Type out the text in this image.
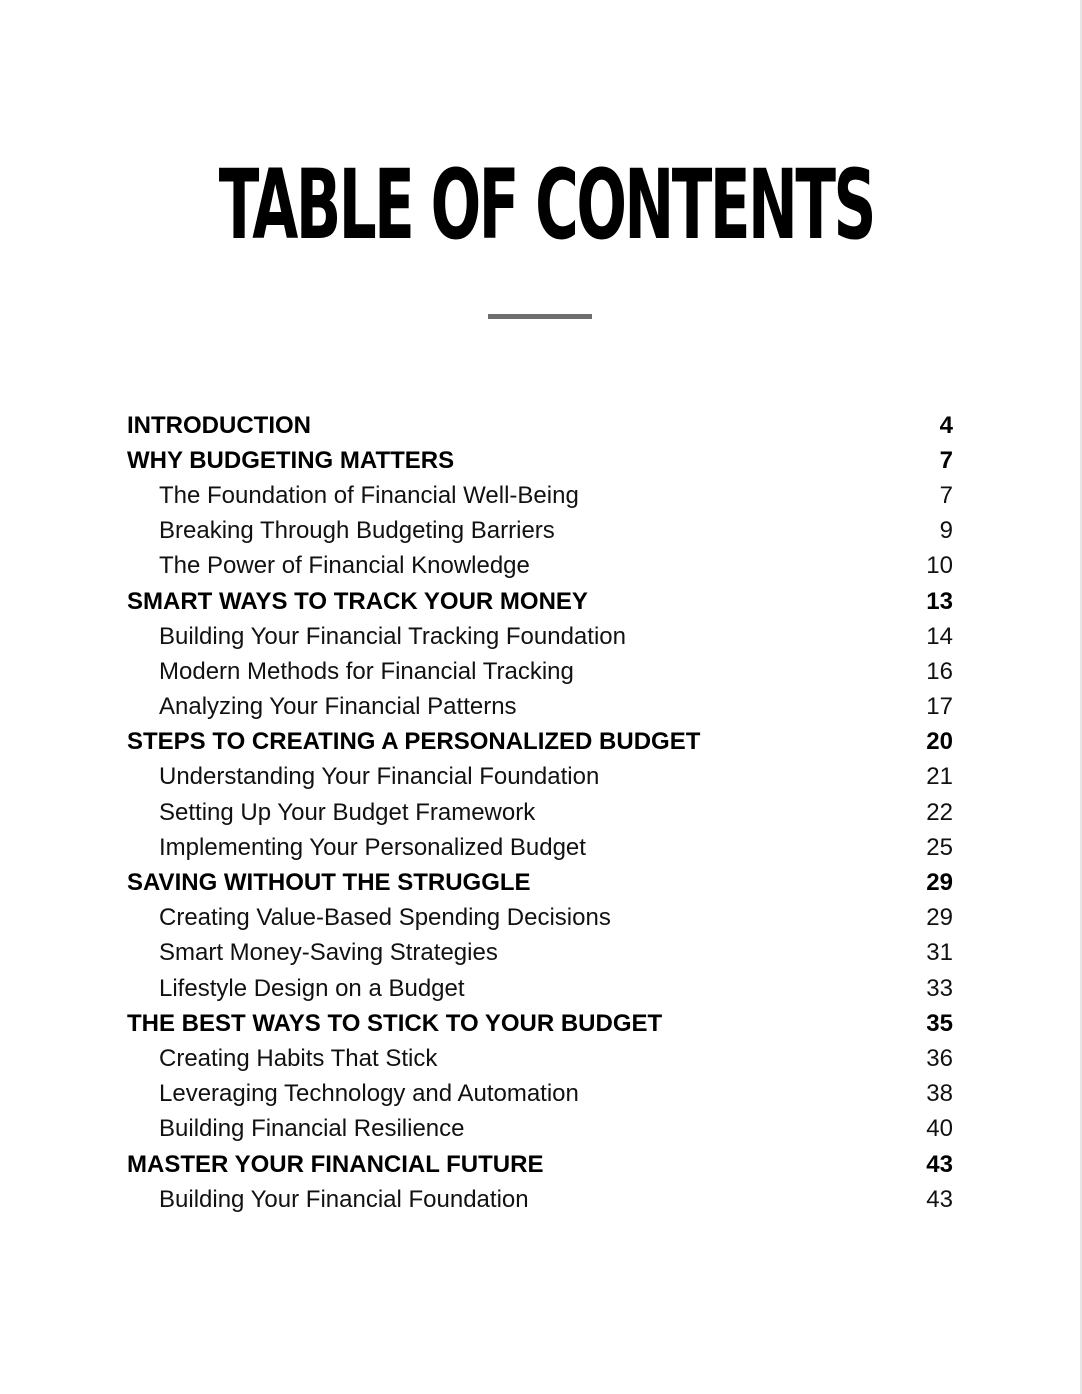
TABLE OF CONTENTS
INTRODUCTION	4
WHY BUDGETING MATTERS	7
The Foundation of Financial Well-Being	7
Breaking Through Budgeting Barriers	9
The Power of Financial Knowledge	10
SMART WAYS TO TRACK YOUR MONEY	13
Building Your Financial Tracking Foundation	14
Modern Methods for Financial Tracking	16
Analyzing Your Financial Patterns	17
STEPS TO CREATING A PERSONALIZED BUDGET	20
Understanding Your Financial Foundation	21
Setting Up Your Budget Framework	22
Implementing Your Personalized Budget	25
SAVING WITHOUT THE STRUGGLE	29
Creating Value-Based Spending Decisions	29
Smart Money-Saving Strategies	31
Lifestyle Design on a Budget	33
THE BEST WAYS TO STICK TO YOUR BUDGET	35
Creating Habits That Stick	36
Leveraging Technology and Automation	38
Building Financial Resilience	40
MASTER YOUR FINANCIAL FUTURE	43
Building Your Financial Foundation	43
